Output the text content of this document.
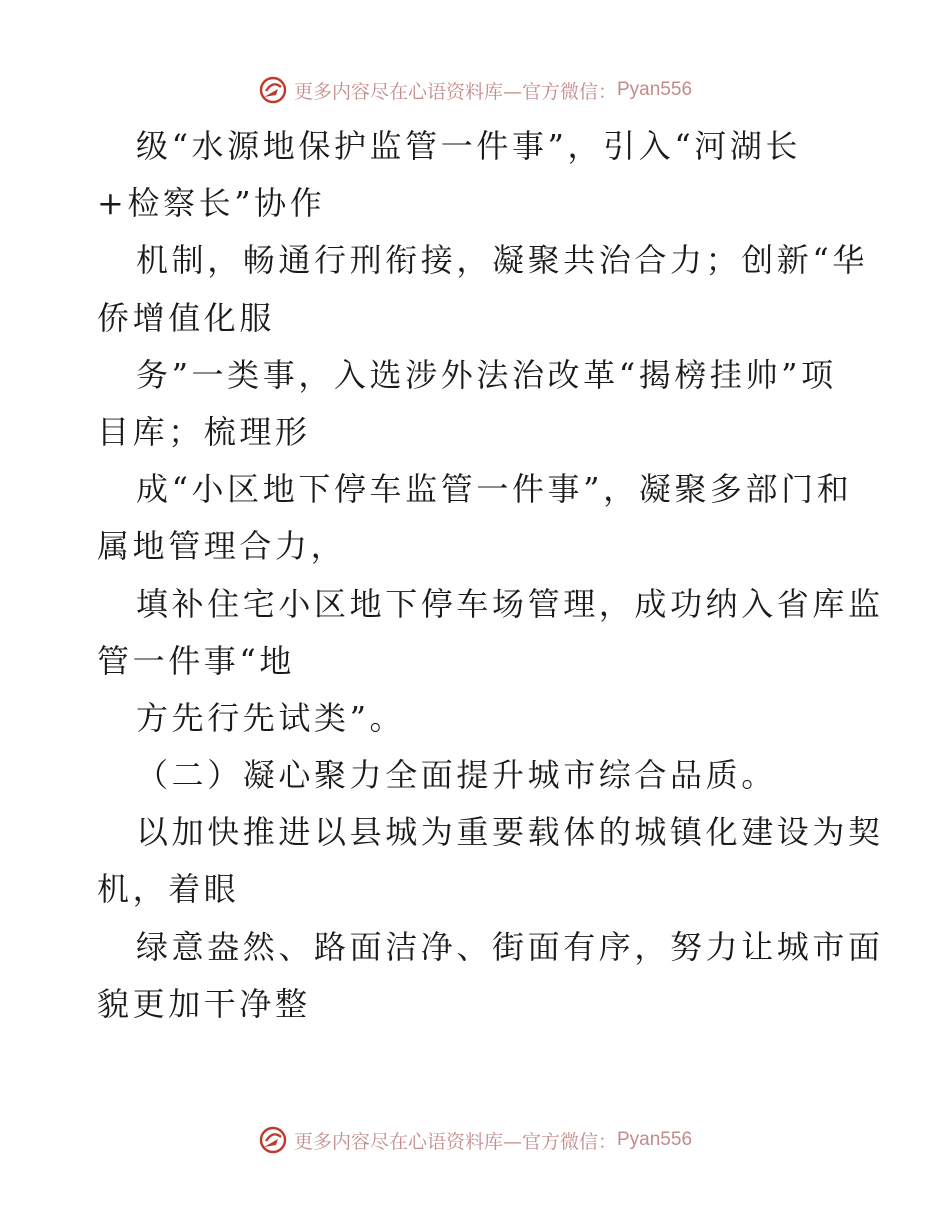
更多内容尽在心语资料库—官方微信： Pyan556
级“水源地保护监管一件事”，引入“河湖长
+检察长”协作
机制，畅通行刑衔接，凝聚共治合力；创新“华
侨增值化服
务”一类事，入选涉外法治改革“揭榜挂帅”项
目库；梳理形
成“小区地下停车监管一件事”，凝聚多部门和
属地管理合力，
填补住宅小区地下停车场管理，成功纳入省库监
管一件事“地
方先行先试类”。
（二）凝心聚力全面提升城市综合品质。
以加快推进以县城为重要载体的城镇化建设为契
机，着眼
绿意盎然、路面洁净、街面有序，努力让城市面
貌更加干净整
更多内容尽在心语资料库—官方微信： Pyan556
